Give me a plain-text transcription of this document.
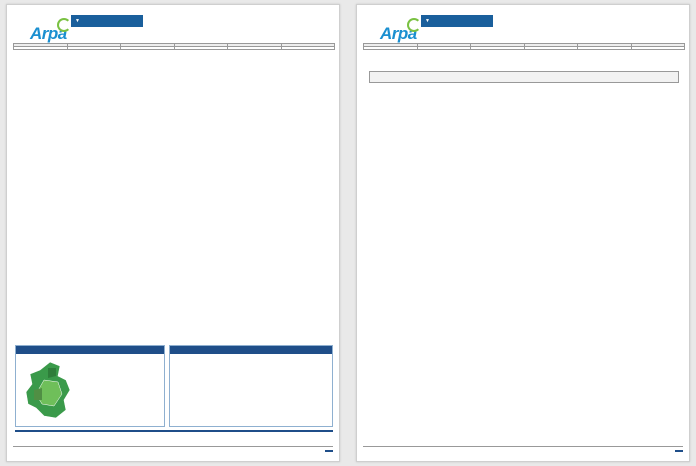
Arpa
▼

Arpa
▼
